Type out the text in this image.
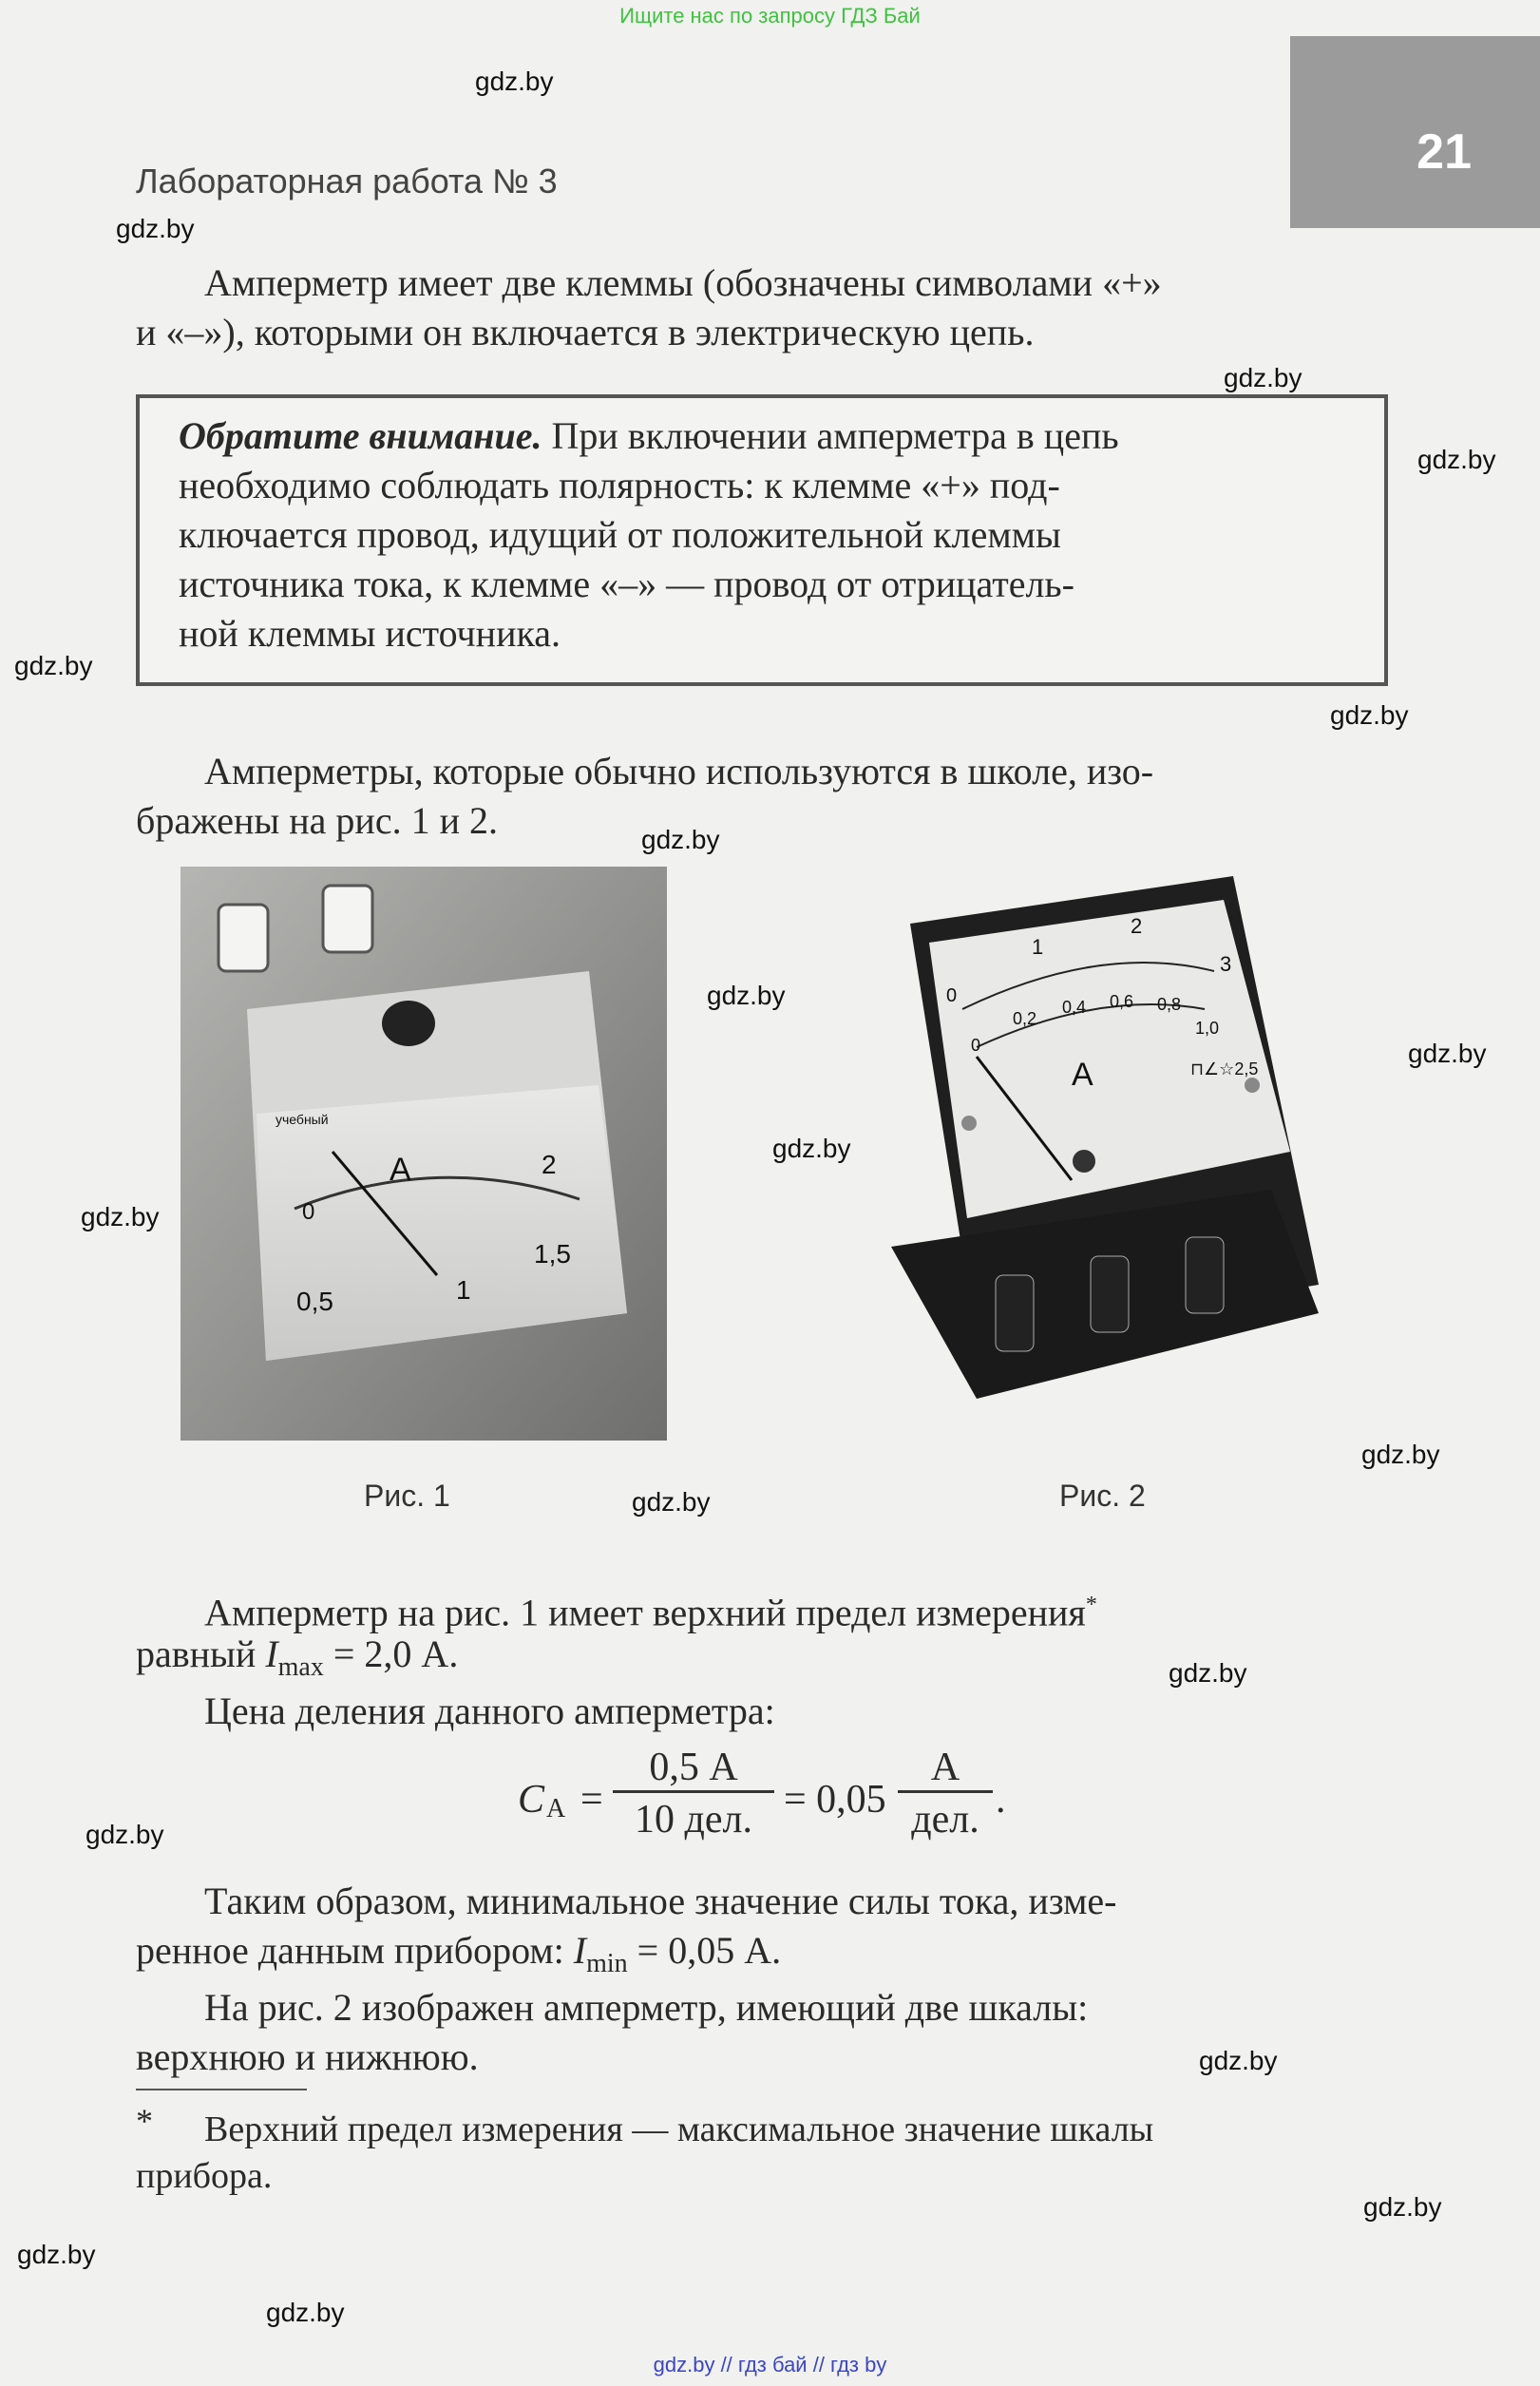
Ищите нас по запросу ГДЗ Бай
21
Лабораторная работа № 3
gdz.by
gdz.by
gdz.by
gdz.by
gdz.by
gdz.by
gdz.by
gdz.by
gdz.by
gdz.by
gdz.by
gdz.by
gdz.by
gdz.by
gdz.by
gdz.by
gdz.by
gdz.by
gdz.by
Амперметр имеет две клеммы (обозначены символами «+»
и «–»), которыми он включается в электрическую цепь.
Обратите внимание. При включении амперметра в цепь
необходимо соблюдать полярность: к клемме «+» под-
ключается провод, идущий от положительной клеммы
источника тока, к клемме «–» — провод от отрицатель-
ной клеммы источника.
Амперметры, которые обычно используются в школе, изо-
бражены на рис. 1 и 2.
A
0
0,5	1
1,5
2
учебный
Рис. 1
A
0
1
2
3
0
0,2
0,4 0,6 0,8
1,0
⊓∠☆2,5
Рис. 2
Амперметр на рис. 1 имеет верхний предел измерения*
равный $I_{max} = 2,0$ А.
Цена деления данного амперметра:
C A =
0,5 А
10 дел. = 0,05
А
дел. .
Таким образом, минимальное значение силы тока, изме-
ренное данным прибором: $I_{min} = 0,05$ А.
На рис. 2 изображен амперметр, имеющий две шкалы:
верхнюю и нижнюю.
* Верхний предел измерения — максимальное значение шкалы
прибора.
gdz.by // гдз бай // гдз by
